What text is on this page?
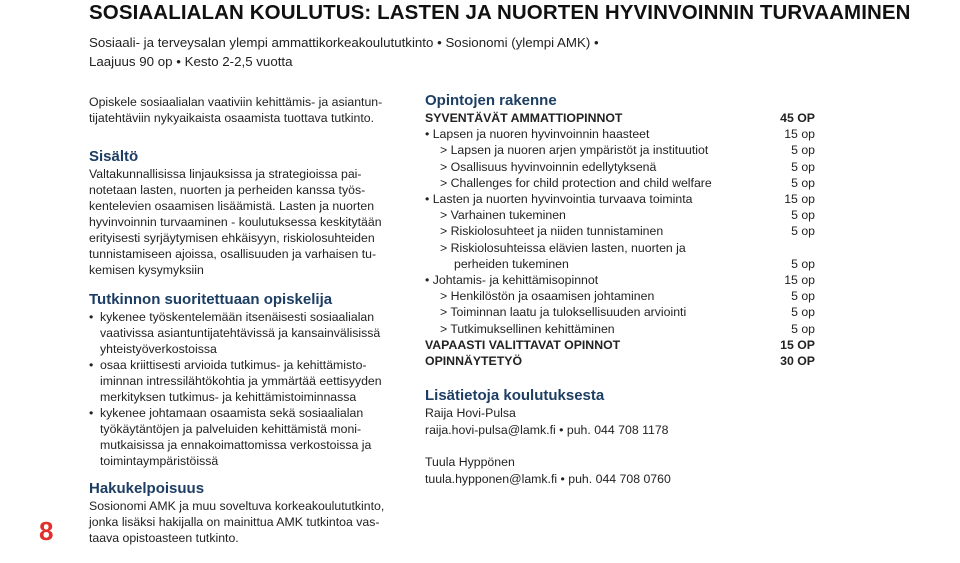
SOSIAALIALAN KOULUTUS: LASTEN JA NUORTEN HYVINVOINNIN TURVAAMINEN
Sosiaali- ja terveysalan ylempi ammattikorkeakoulututkinto • Sosionomi (ylempi AMK) •
Laajuus 90 op • Kesto 2-2,5 vuotta
8

Opiskele sosiaalialan vaativiin kehittämis- ja asiantun-

tijatehtäviin nykyaikaista osaamista tuottava tutkinto.

Sisältö

Valtakunnallisissa linjauksissa ja strategioissa pai-

notetaan lasten, nuorten ja perheiden kanssa työs-

kentelevien osaamisen lisäämistä. Lasten ja nuorten

hyvinvoinnin turvaaminen - koulutuksessa keskitytään

erityisesti syrjäytymisen ehkäisyyn, riskiolosuhteiden

tunnistamiseen ajoissa, osallisuuden ja varhaisen tu-

kemisen kysymyksiin

Tutkinnon suoritettuaan opiskelija
• kykenee työskentelemään itsenäisesti sosiaalialan
vaativissa asiantuntijatehtävissä ja kansainvälisissä
yhteistyöverkostoissa
• osaa kriittisesti arvioida tutkimus- ja kehittämisto-
iminnan intressilähtökohtia ja ymmärtää eettisyyden
merkityksen tutkimus- ja kehittämistoiminnassa
• kykenee johtamaan osaamista sekä sosiaalialan
työkäytäntöjen ja palveluiden kehittämistä moni-
mutkaisissa ja ennakoimattomissa verkostoissa ja
toimintaympäristöissä
Hakukelpoisuus

Sosionomi AMK ja muu soveltuva korkeakoulututkinto,

jonka lisäksi hakijalla on mainittua AMK tutkintoa vas-

taava opistoasteen tutkinto.

Opintojen rakenne
SYVENTÄVÄT AMMATTIOPINNOT	45 OP
• Lapsen ja nuoren hyvinvoinnin haasteet	15 op
> Lapsen ja nuoren arjen ympäristöt ja instituutiot	5 op
> Osallisuus hyvinvoinnin edellytyksenä	5 op
> Challenges for child protection and child welfare	5 op
• Lasten ja nuorten hyvinvointia turvaava toiminta	15 op
> Varhainen tukeminen	5 op
> Riskiolosuhteet ja niiden tunnistaminen	5 op
> Riskiolosuhteissa elävien lasten, nuorten ja
perheiden tukeminen	5 op
• Johtamis- ja kehittämisopinnot	15 op
> Henkilöstön ja osaamisen johtaminen	5 op
> Toiminnan laatu ja tuloksellisuuden arviointi	5 op
> Tutkimuksellinen kehittäminen	5 op
VAPAASTI VALITTAVAT OPINNOT	15 OP
OPINNÄYTETYÖ	30 OP
Lisätietoja koulutuksesta

Raija Hovi-Pulsa

raija.hovi-pulsa@lamk.fi • puh. 044 708 1178

Tuula Hyppönen

tuula.hypponen@lamk.fi • puh. 044 708 0760
